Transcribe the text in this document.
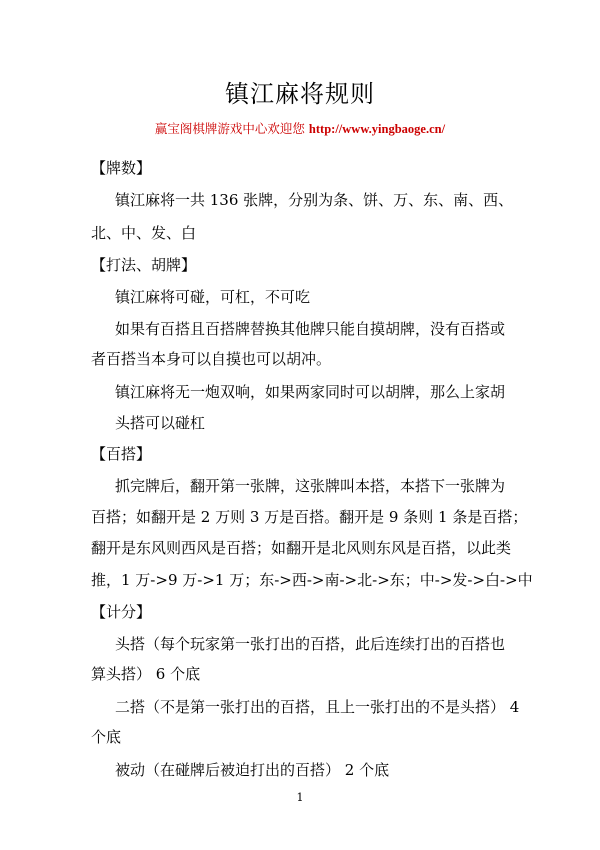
镇江麻将规则
赢宝阁棋牌游戏中心欢迎您 http://www.yingbaoge.cn/
【牌数】
镇江麻将一共 136 张牌，分别为条、饼、万、东、南、西、
北、中、发、白
【打法、胡牌】
镇江麻将可碰，可杠，不可吃
如果有百搭且百搭牌替换其他牌只能自摸胡牌，没有百搭或
者百搭当本身可以自摸也可以胡冲。
镇江麻将无一炮双响，如果两家同时可以胡牌，那么上家胡
头搭可以碰杠
【百搭】
抓完牌后，翻开第一张牌，这张牌叫本搭，本搭下一张牌为
百搭；如翻开是 2 万则 3 万是百搭。翻开是 9 条则 1 条是百搭；
翻开是东风则西风是百搭；如翻开是北风则东风是百搭，以此类
推，1 万->9 万->1 万；东->西->南->北->东；中->发->白->中
【计分】
头搭（每个玩家第一张打出的百搭，此后连续打出的百搭也
算头搭） 6 个底
二搭（不是第一张打出的百搭，且上一张打出的不是头搭） 4
个底
被动（在碰牌后被迫打出的百搭） 2 个底
1
